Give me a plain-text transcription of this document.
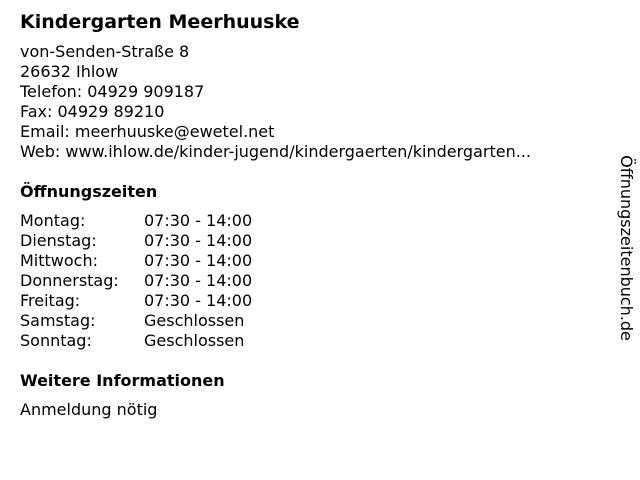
Kindergarten Meerhuuske
von-Senden-Straße 8
26632 Ihlow
Telefon: 04929 909187
Fax: 04929 89210
Email: meerhuuske@ewetel.net
Web: www.ihlow.de/kinder-jugend/kindergaerten/kindergarten...
Öffnungszeiten
Montag:	07:30 - 14:00
Dienstag:	07:30 - 14:00
Mittwoch:	07:30 - 14:00
Donnerstag:	07:30 - 14:00
Freitag:	07:30 - 14:00
Samstag:	Geschlossen
Sonntag:	Geschlossen
Weitere Informationen
Anmeldung nötig
Öffnungszeitenbuch.de
